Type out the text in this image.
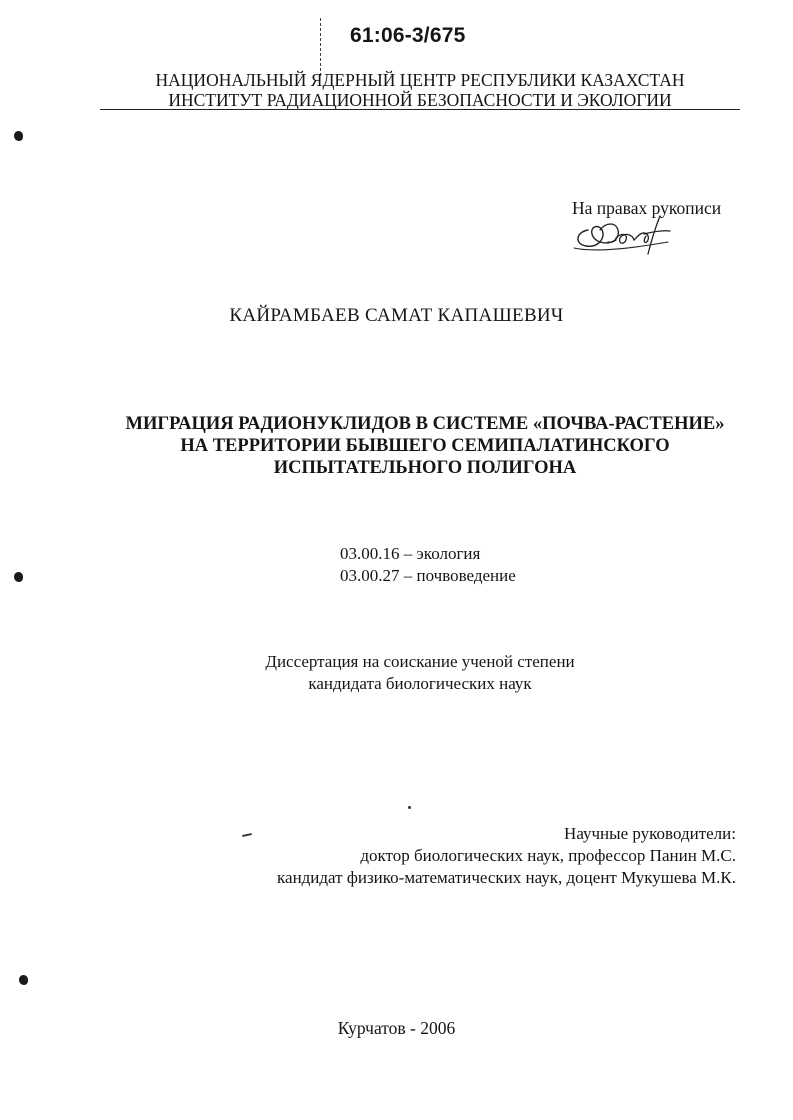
61:06-3/675
НАЦИОНАЛЬНЫЙ ЯДЕРНЫЙ ЦЕНТР РЕСПУБЛИКИ КАЗАХСТАН
ИНСТИТУТ РАДИАЦИОННОЙ БЕЗОПАСНОСТИ И ЭКОЛОГИИ
На правах рукописи
КАЙРАМБАЕВ САМАТ КАПАШЕВИЧ
МИГРАЦИЯ РАДИОНУКЛИДОВ В СИСТЕМЕ «ПОЧВА-РАСТЕНИЕ»
НА ТЕРРИТОРИИ БЫВШЕГО СЕМИПАЛАТИНСКОГО
ИСПЫТАТЕЛЬНОГО ПОЛИГОНА
03.00.16 – экология
03.00.27 – почвоведение
Диссертация на соискание ученой степени
кандидата биологических наук
Научные руководители:
доктор биологических наук, профессор Панин М.С.
кандидат физико-математических наук, доцент Мукушева М.К.
Курчатов - 2006
